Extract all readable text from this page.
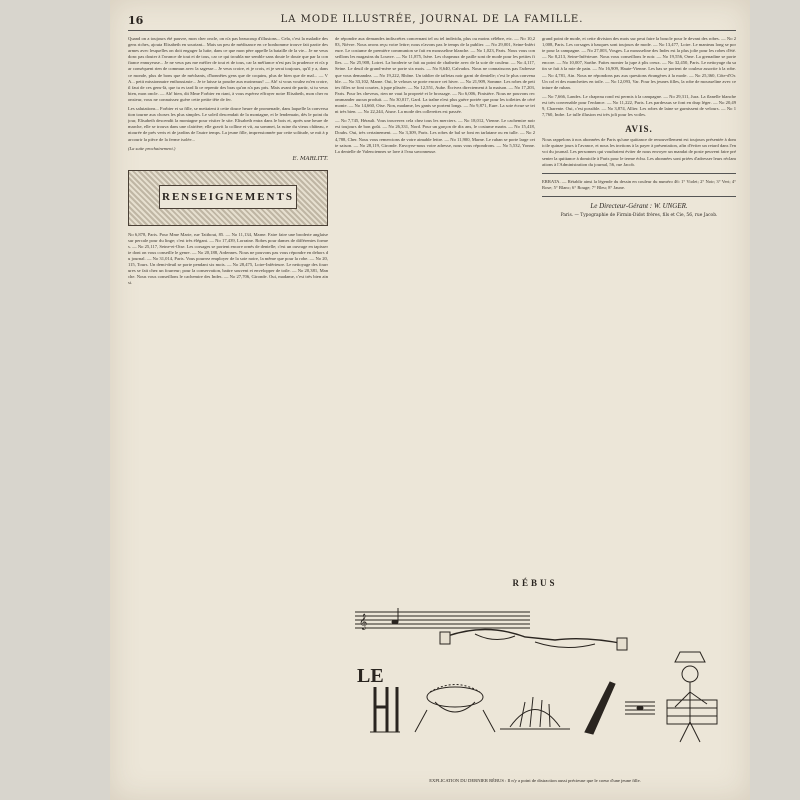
16	LA MODE ILLUSTRÉE, JOURNAL DE LA FAMILLE.
Quand on a toujours été pauvre, mon cher oncle, on n'a pas beaucoup d'illusions... Cela, c'est la maladie des gens riches, ajouta Elisabeth en souriant... Mais un peu de médisance en ce bonhomme trouve fait partie des armes avec lesquelles on doit engager la lutte, dans ce que mon père appelle la bataille de la vie... Je ne veux donc pas douter à l'avance de tout et de tous, car ce qui troubla me semble sans doute le doute que par la confiance ennuyeuse... Je ne veux pas me méfier de tout et de tous, car la méfiance n'est pas la prudence et n'a par conséquent rien de commun avec la sagesse... Je veux croire, et je crois, et je serai toujours, qu'il y a, dans ce monde, plus de bons que de méchants, d'honnêtes gens que de coquins, plus de bien que de mal... — VA... petit missionnaire enthousiaste... Je te laisse ta poudre aux moineaux! — Ah! si vous voulez m'en croire, il faut de ces gens-là, que tu es tard là ce repentir des bras qu'on n'a pas pris. Mais avant de partir, si tu veux bien, mon oncle. — Ah! bien, dit Mme Forbier en riant, à vous espérez effrayer notre Elisabeth, mon cher monsieur, vous ne connaissez guère cette petite tête de fer.
Les salutations... Forbier et sa fille, se mettaient à cette douce heure de promenade, dans laquelle la conversation tourne aux choses les plus simples. Le soleil descendait de la montagne, et le lendemain, dès le point du jour, Elisabeth descendit la montagne pour visiter le site. Elisabeth entra dans le bois et, après une heure de marche, elle se trouva dans une clairière; elle gravit la colline et vit, au sommet, la ruine du vieux château, entourée de prés verts et de jardins de l'autre temps. La jeune fille, impressionnée par cette solitude, se mit à parcourir la pièce de la ferme isolée...
(La suite prochainement.)
E. MARLITT.
RENSEIGNEMENTS
No 6,878, Paris. Pour Mme Marie, rue Taitbout, 85. — No 11,134, Marne. Faire faire une broderie anglaise sur percale pour du linge; c'est très élégant. — No 17,439, Lorraine. Robes pour dames de différentes formes. — No 25,117, Seine-et-Oise. Les corsages se portent encore ornés de dentelle; c'est un ouvrage en tapisserie dont on vous conseille le genre. — No 20,188, Ardennes. Nous ne pouvons pas vous répondre en dehors du journal. — No 31,014, Paris. Vous pourrez employer de la soie noire, la même que pour la robe. — No 20,115, Tours. Un demi-deuil se porte pendant six mois. — No 28,475, Loire-Inférieure. Le nettoyage des fourrures se fait chez un fourreur; pour la conservation, battre souvent et envelopper de toile. — No 20,381, Manche. Nous vous conseillons le cachemire des Indes. — No 27,706, Gironde. Oui, madame, c'est très bien ainsi.
de répondre aux demandes indiscrètes concernant tel ou tel individu, plus ou moins célèbre, etc. — No 10,283, Nièvre. Nous avons reçu votre lettre; nous n'avons pas le temps de la publier. — No 29,001, Seine-Inférieure. Le costume de première communion se fait en mousseline blanche. — No 1,023, Paris. Nous vous conseillons les magasins du Louvre. — No 11,875, Isère. Les chapeaux de paille sont de mode pour les petites filles. — No 25,908, Loiret. La broderie se fait au point de chaînette avec de la soie de couleur. — No 4,117, Seine. Le deuil de grand-mère se porte six mois. — No 8,640, Calvados. Nous ne connaissons pas l'adresse que vous demandez. — No 19,222, Rhône. Un tablier de taffetas noir garni de dentelle; c'est le plus convenable. — No 33,102, Marne. Oui, le velours se porte encore cet hiver. — No 21,909, Somme. Les robes de petites filles se font courtes, à jupe plissée. — No 12,551, Aube. Écrivez directement à la maison. — No 17,203, Paris. Pour les cheveux, rien ne vaut la propreté et le brossage. — No 6,006, Finistère. Nous ne pouvons recommander aucun produit. — No 30,017, Gard. La traîne n'est plus guère portée que pour les toilettes de cérémonie. — No 14,660, Oise. Non, madame, les gants se portent longs. — No 9,871, Eure. La soie écrue se teint très bien. — No 22,244, Aisne. La mode des collerettes est passée.
— No 7,745, Hérault. Vous trouverez cela chez tous les merciers. — No 18,012, Vienne. Le cachemire noir est toujours de bon goût. — No 26,331, Nord. Pour un garçon de dix ans, le costume marin. — No 15,418, Doubs. Oui, très certainement. — No 3,309, Paris. Les robes de bal se font en tarlatane ou en tulle. — No 24,788, Cher. Nous vous remercions de votre aimable lettre. — No 11,900, Marne. Le ruban se porte large cette saison. — No 28,119, Gironde. Envoyez-nous votre adresse, nous vous répondrons. — No 5,532, Yonne. La dentelle de Valenciennes se lave à l'eau savonneuse.
grand point de mode, et cette division des mots sur peut faire la boucle pour le devant des robes. — No 21,008, Paris. Les corsages à basques sont toujours de mode. — No 13,477, Loire. Le manteau long se porte pour la campagne. — No 27,003, Vosges. La mousseline des Indes est la plus jolie pour les robes d'été. — No 8,213, Seine-Inférieure. Nous vous conseillons le noir. — No 19,556, Orne. La grenadine se porte encore. — No 10,007, Sarthe. Faites monter la jupe à plis creux. — No 32,450, Paris. Le nettoyage du satin se fait à la mie de pain. — No 16,909, Haute-Vienne. Les bas se portent de couleur assortie à la robe. — No 4,781, Ain. Nous ne répondons pas aux questions étrangères à la mode. — No 25,360, Côte-d'Or. Un col et des manchettes en toile. — No 12,093, Var. Pour les jeunes filles, la robe de mousseline avec ceinture de ruban.
— No 7,666, Landes. Le chapeau rond est permis à la campagne. — No 29,311, Jura. La flanelle blanche est très convenable pour l'enfance. — No 11,222, Paris. Les pardessus se font en drap léger. — No 20,499, Charente. Oui, c'est possible. — No 3,874, Allier. Les robes de laine se garnissent de velours. — No 17,760, Indre. Le tulle illusion est très joli pour les voiles.
AVIS.
Nous rappelons à nos abonnées de Paris qu'une quittance de renouvellement est toujours présentée à domicile quinze jours à l'avance, et nous les invitons à la payer à présentation, afin d'éviter un retard dans l'envoi du journal. Les personnes qui voudraient éviter de nous envoyer un mandat de poste peuvent faire présenter la quittance à domicile à Paris pour le terme échu. Les abonnées sont priées d'adresser leurs réclamations à l'Administration du journal, 56, rue Jacob.
ERRATA. — Rétablir ainsi la légende du dessin en couleur du numéro 46: 1° Violet; 2° Noir; 3° Vert; 4° Rose; 5° Blanc; 6° Rouge; 7° Bleu; 8° Jaune.
Le Directeur-Gérant : W. UNGER.
Paris. — Typographie de Firmin-Didot frères, fils et Cie, 56, rue Jacob.
RÉBUS
𝄞
LE
EXPLICATION DU DERNIER RÉBUS : Il n'y a point de distraction aussi précieuse que le coeur d'une jeune fille.
